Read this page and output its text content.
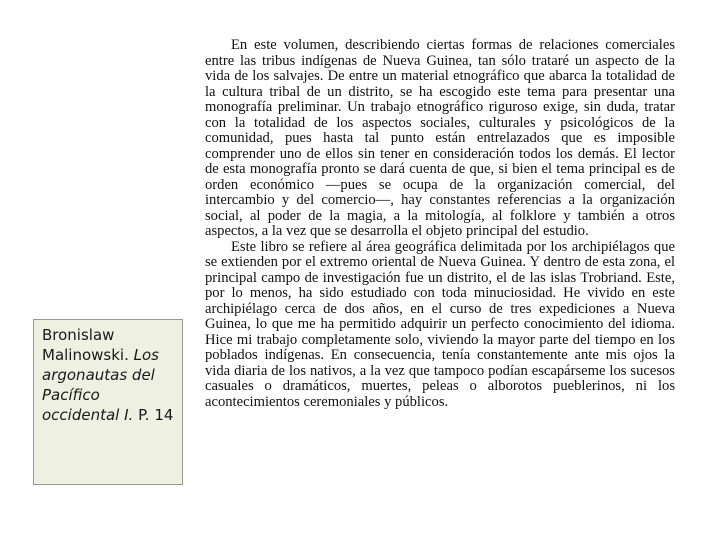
En este volumen, describiendo ciertas formas de relaciones comerciales entre las tribus indígenas de Nueva Guinea, tan sólo trataré un aspecto de la vida de los salvajes. De entre un material etnográfico que abarca la totalidad de la cultura tribal de un distrito, se ha escogido este tema para presentar una monografía preliminar. Un trabajo etnográfico riguroso exige, sin duda, tratar con la totalidad de los aspectos sociales, culturales y psicológicos de la comunidad, pues hasta tal punto están entrelazados que es imposible comprender uno de ellos sin tener en consideración todos los demás. El lector de esta monografía pronto se dará cuenta de que, si bien el tema principal es de orden económico —pues se ocupa de la organización comercial, del intercambio y del comercio—, hay constantes referencias a la organización social, al poder de la magia, a la mitología, al folklore y también a otros aspectos, a la vez que se desarrolla el objeto principal del estudio.

Este libro se refiere al área geográfica delimitada por los archipiélagos que se extienden por el extremo oriental de Nueva Guinea. Y dentro de esta zona, el principal campo de investigación fue un distrito, el de las islas Trobriand. Este, por lo menos, ha sido estudiado con toda minuciosidad. He vivido en este archipiélago cerca de dos años, en el curso de tres expediciones a Nueva Guinea, lo que me ha permitido adquirir un perfecto conocimiento del idioma. Hice mi trabajo completamente solo, viviendo la mayor parte del tiempo en los poblados indígenas. En consecuencia, tenía constantemente ante mis ojos la vida diaria de los nativos, a la vez que tampoco podían escapárseme los sucesos casuales o dramáticos, muertes, peleas o alborotos pueblerinos, ni los acontecimientos ceremoniales y públicos.

Bronislaw Malinowski. Los argonautas del Pacífico occidental I. P. 14
